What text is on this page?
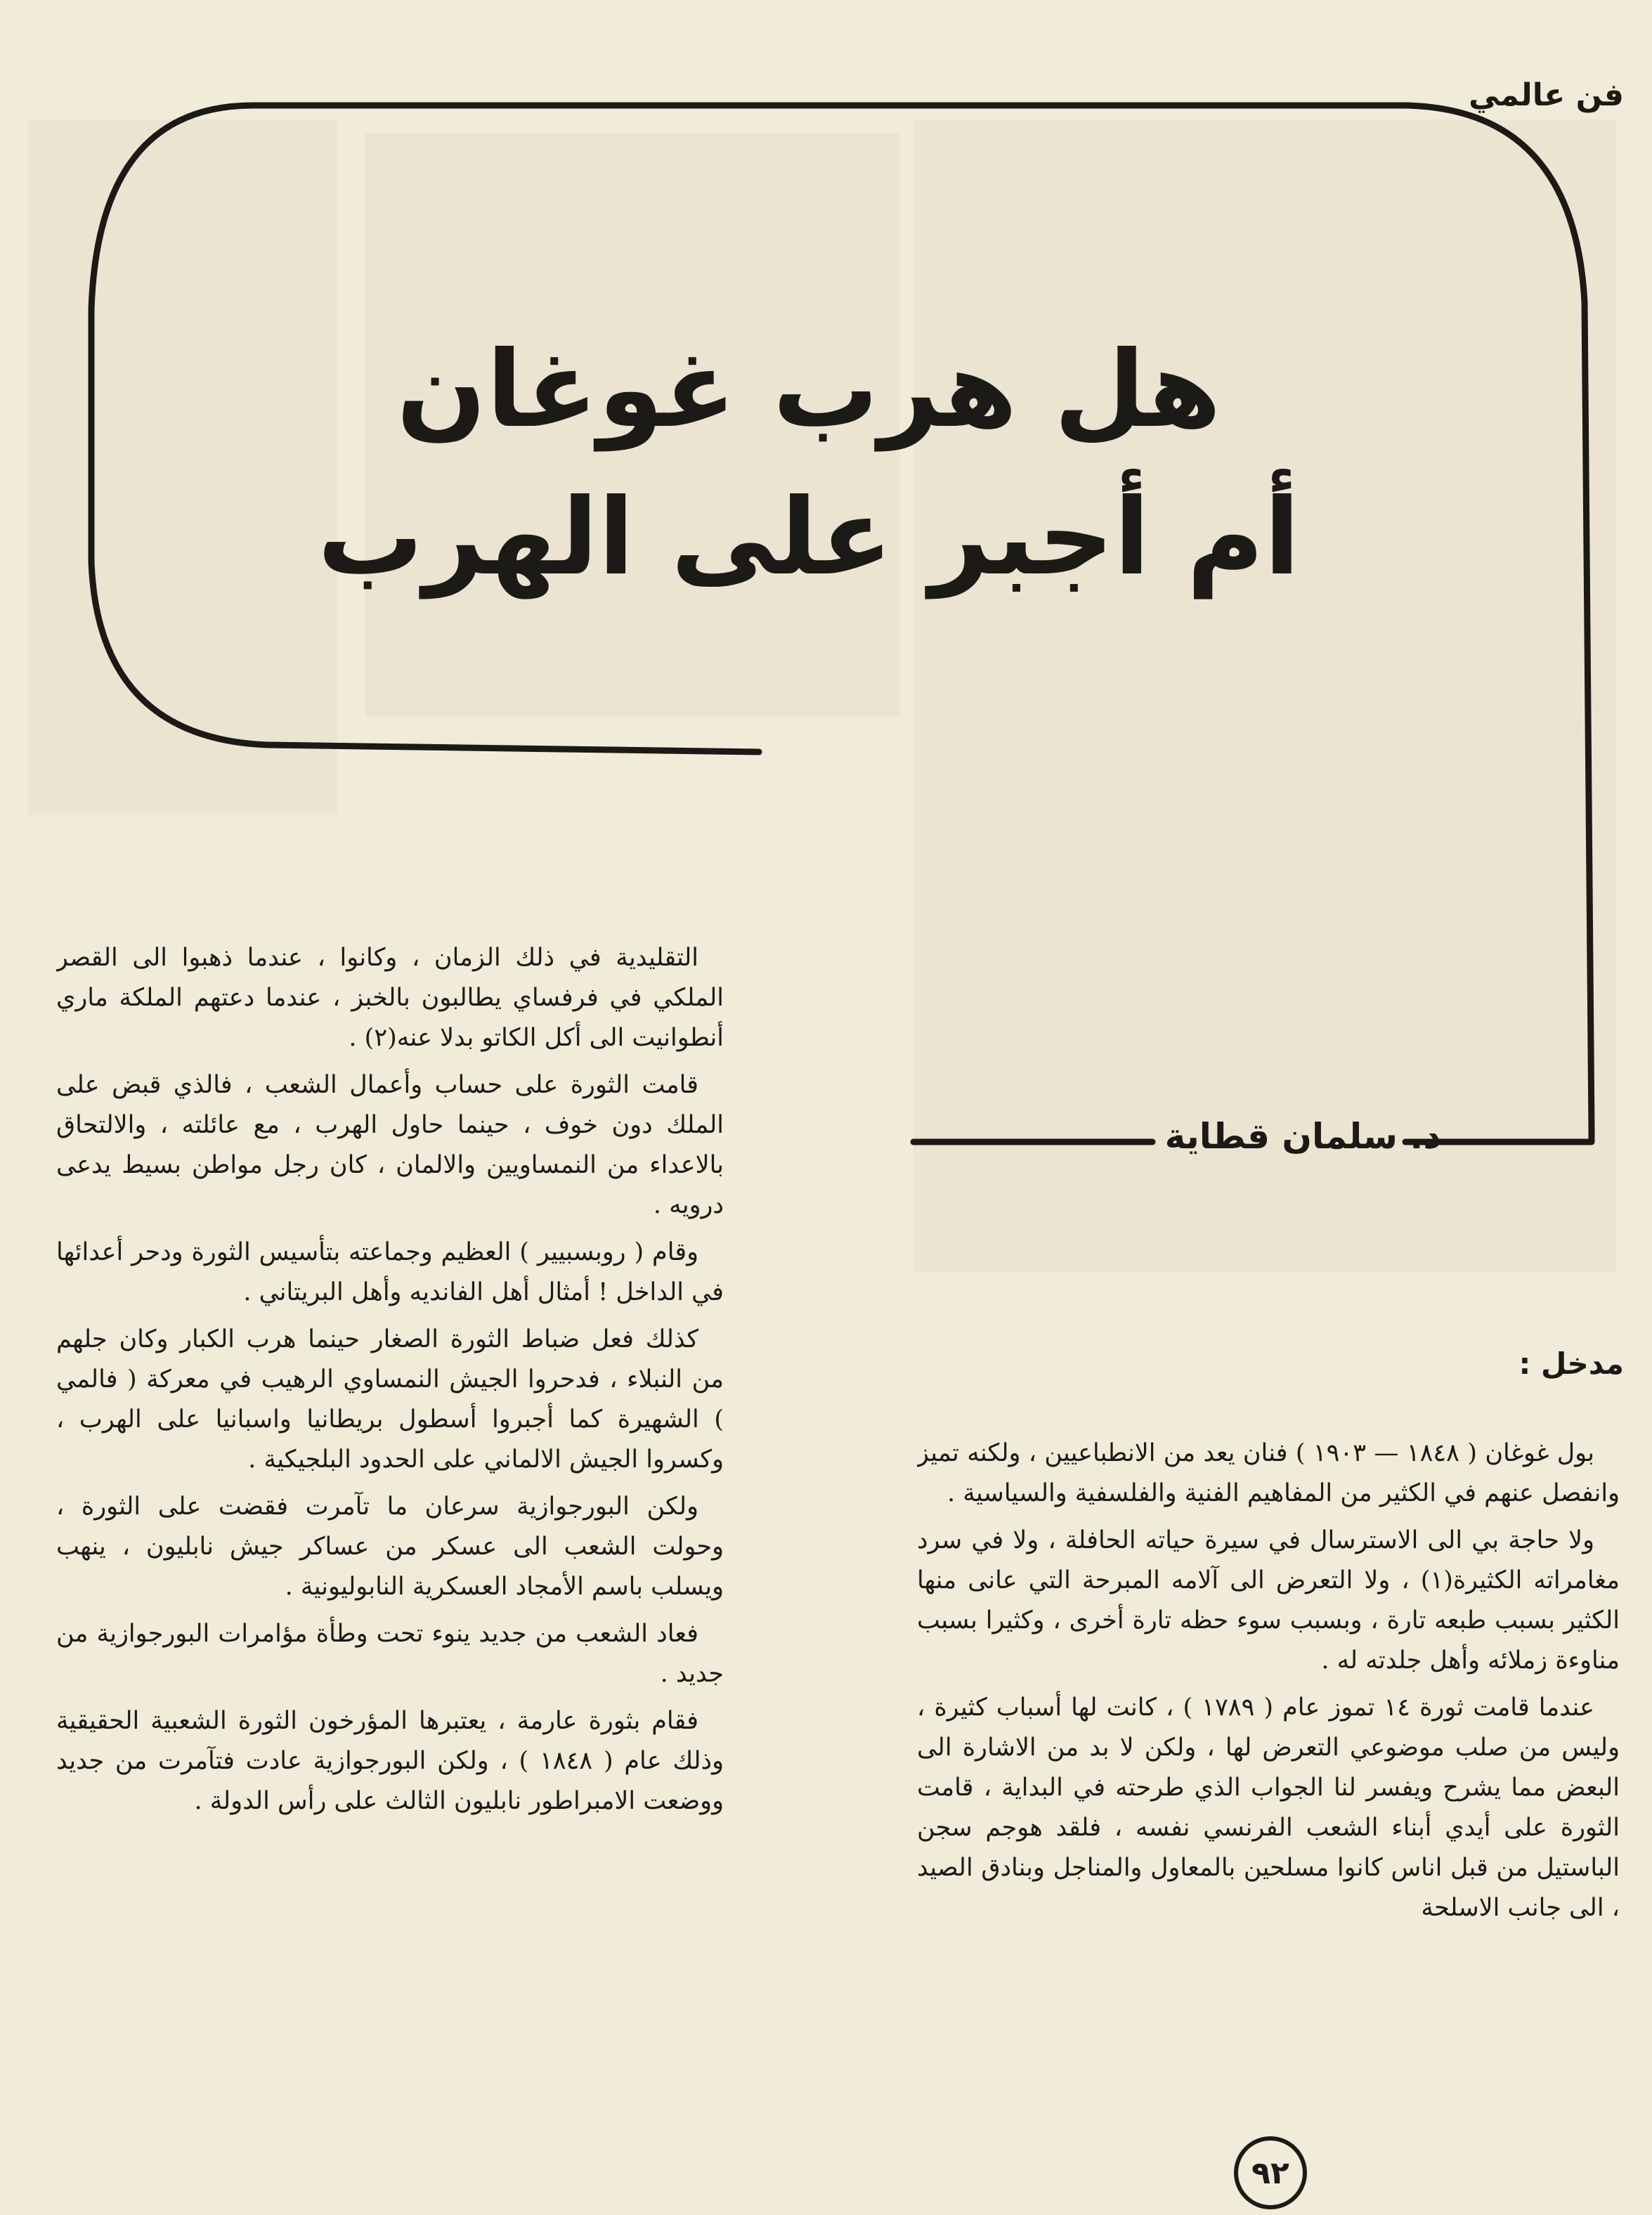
فن عالمي
هل هرب غوغان
أم أجبر على الهرب
د. سلمان قطاية
مدخل :

بول غوغان ( ١٨٤٨ — ١٩٠٣ ) فنان يعد من الانطباعيين ، ولكنه تميز وانفصل عنهم في الكثير من المفاهيم الفنية والفلسفية والسياسية .

ولا حاجة بي الى الاسترسال في سيرة حياته الحافلة ، ولا في سرد مغامراته الكثيرة(١) ، ولا التعرض الى آلامه المبرحة التي عانى منها الكثير بسبب طبعه تارة ، وبسبب سوء حظه تارة أخرى ، وكثيرا بسبب مناوءة زملائه وأهل جلدته له .

عندما قامت ثورة ١٤ تموز عام ( ١٧٨٩ ) ، كانت لها أسباب كثيرة ، وليس من صلب موضوعي التعرض لها ، ولكن لا بد من الاشارة الى البعض مما يشرح ويفسر لنا الجواب الذي طرحته في البداية ، قامت الثورة على أيدي أبناء الشعب الفرنسي نفسه ، فلقد هوجم سجن الباستيل من قبل اناس كانوا مسلحين بالمعاول والمناجل وبنادق الصيد ، الى جانب الاسلحة

التقليدية في ذلك الزمان ، وكانوا ، عندما ذهبوا الى القصر الملكي في فرفساي يطالبون بالخبز ، عندما دعتهم الملكة ماري أنطوانيت الى أكل الكاتو بدلا عنه(٢) .

قامت الثورة على حساب وأعمال الشعب ، فالذي قبض على الملك دون خوف ، حينما حاول الهرب ، مع عائلته ، والالتحاق بالاعداء من النمساويين والالمان ، كان رجل مواطن بسيط يدعى درويه .

وقام ( روبسبيير ) العظيم وجماعته بتأسيس الثورة ودحر أعدائها في الداخل ! أمثال أهل الفانديه وأهل البريتاني .

كذلك فعل ضباط الثورة الصغار حينما هرب الكبار وكان جلهم من النبلاء ، فدحروا الجيش النمساوي الرهيب في معركة ( فالمي ) الشهيرة كما أجبروا أسطول بريطانيا واسبانيا على الهرب ، وكسروا الجيش الالماني على الحدود البلجيكية .

ولكن البورجوازية سرعان ما تآمرت فقضت على الثورة ، وحولت الشعب الى عسكر من عساكر جيش نابليون ، ينهب ويسلب باسم الأمجاد العسكرية النابوليونية .

فعاد الشعب من جديد ينوء تحت وطأة مؤامرات البورجوازية من جديد .

فقام بثورة عارمة ، يعتبرها المؤرخون الثورة الشعبية الحقيقية وذلك عام ( ١٨٤٨ ) ، ولكن البورجوازية عادت فتآمرت من جديد ووضعت الامبراطور نابليون الثالث على رأس الدولة .

٩٢
